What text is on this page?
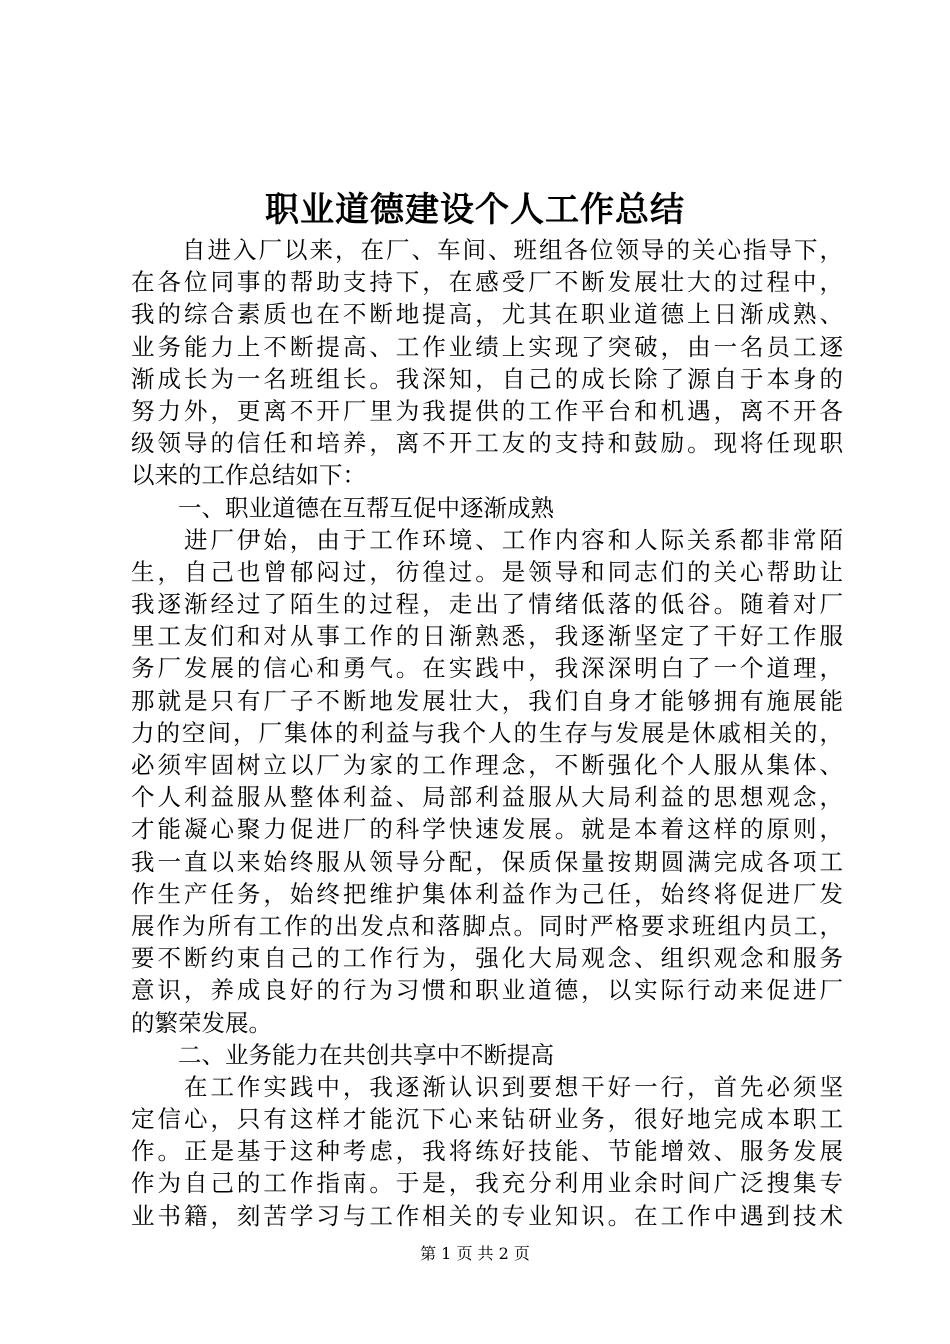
职业道德建设个人工作总结
　　自进入厂以来，在厂、车间、班组各位领导的关心指导下，
在各位同事的帮助支持下，在感受厂不断发展壮大的过程中，
我的综合素质也在不断地提高，尤其在职业道德上日渐成熟、
业务能力上不断提高、工作业绩上实现了突破，由一名员工逐
渐成长为一名班组长。我深知，自己的成长除了源自于本身的
努力外，更离不开厂里为我提供的工作平台和机遇，离不开各
级领导的信任和培养，离不开工友的支持和鼓励。现将任现职
以来的工作总结如下：
　　一、职业道德在互帮互促中逐渐成熟
　　进厂伊始，由于工作环境、工作内容和人际关系都非常陌
生，自己也曾郁闷过，彷徨过。是领导和同志们的关心帮助让
我逐渐经过了陌生的过程，走出了情绪低落的低谷。随着对厂
里工友们和对从事工作的日渐熟悉，我逐渐坚定了干好工作服
务厂发展的信心和勇气。在实践中，我深深明白了一个道理，
那就是只有厂子不断地发展壮大，我们自身才能够拥有施展能
力的空间，厂集体的利益与我个人的生存与发展是休戚相关的，
必须牢固树立以厂为家的工作理念，不断强化个人服从集体、
个人利益服从整体利益、局部利益服从大局利益的思想观念，
才能凝心聚力促进厂的科学快速发展。就是本着这样的原则，
我一直以来始终服从领导分配，保质保量按期圆满完成各项工
作生产任务，始终把维护集体利益作为己任，始终将促进厂发
展作为所有工作的出发点和落脚点。同时严格要求班组内员工，
要不断约束自己的工作行为，强化大局观念、组织观念和服务
意识，养成良好的行为习惯和职业道德，以实际行动来促进厂
的繁荣发展。
　　二、业务能力在共创共享中不断提高
　　在工作实践中，我逐渐认识到要想干好一行，首先必须坚
定信心，只有这样才能沉下心来钻研业务，很好地完成本职工
作。正是基于这种考虑，我将练好技能、节能增效、服务发展
作为自己的工作指南。于是，我充分利用业余时间广泛搜集专
业书籍，刻苦学习与工作相关的专业知识。在工作中遇到技术
第 1 页 共 2 页
